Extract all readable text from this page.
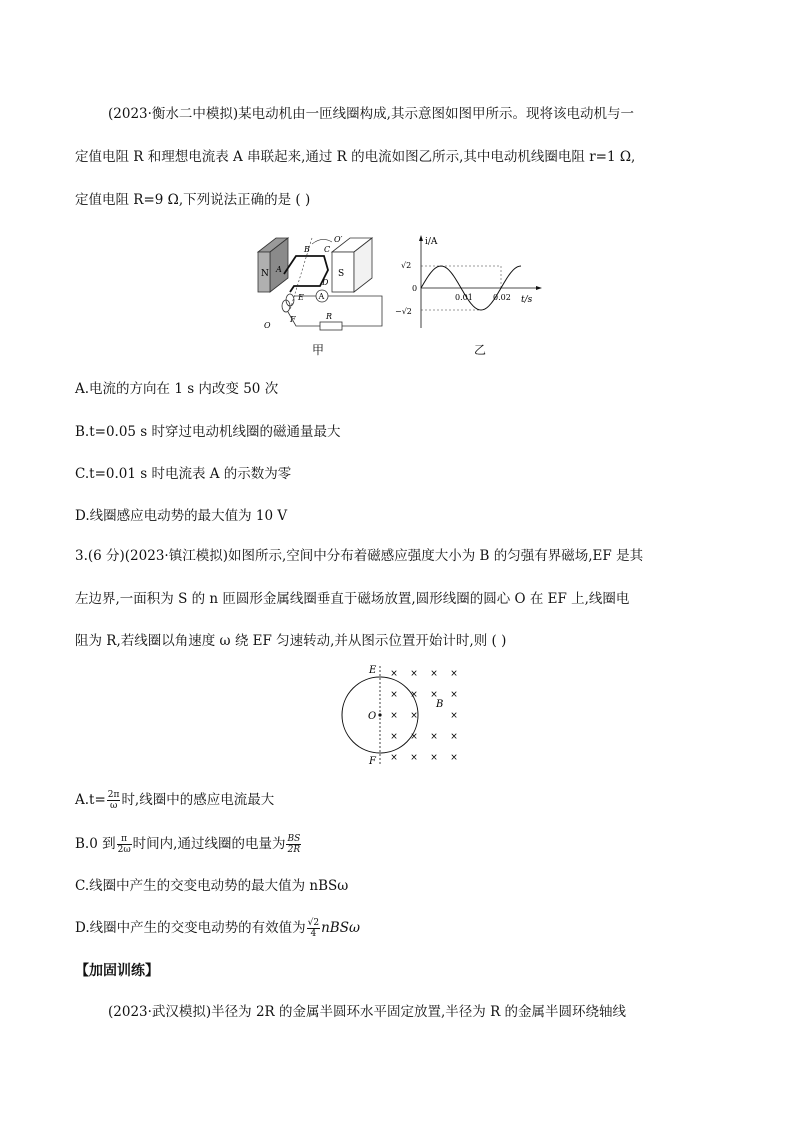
(2023·衡水二中模拟)某电动机由一匝线圈构成,其示意图如图甲所示。现将该电动机与一
定值电阻 R 和理想电流表 A 串联起来,通过 R 的电流如图乙所示,其中电动机线圈电阻 r=1 Ω,
定值电阻 R=9 Ω,下列说法正确的是 ( )
N	S
O′
A
B C
D
E
F
O
A
R
甲
i/A
t/s
√2
−√2
0
0.01	0.02
乙
A.电流的方向在 1 s 内改变 50 次
B.t=0.05 s 时穿过电动机线圈的磁通量最大
C.t=0.01 s 时电流表 A 的示数为零
D.线圈感应电动势的最大值为 10 V
3.(6 分)(2023·镇江模拟)如图所示,空间中分布着磁感应强度大小为 B 的匀强有界磁场,EF 是其
左边界,一面积为 S 的 n 匝圆形金属线圈垂直于磁场放置,圆形线圈的圆心 O 在 EF 上,线圈电
阻为 R,若线圈以角速度 ω 绕 EF 匀速转动,并从图示位置开始计时,则 ( )
E
F
O
B
× × × ×
× × × ×
× ×	×
× × × ×
× × × ×
$A.t= \frac{2\pi}{\omega}$ 时,线圈中的感应电流最大
B.0 到 $\frac{\pi}{2\omega}$ 时间内,通过线圈的电量为 $\frac{BS}{2R}$
C.线圈中产生的交变电动势的最大值为 nBSω
D.线圈中产生的交变电动势的有效值为 $\frac{√2}{4}$ nBSω
【加固训练】
(2023·武汉模拟)半径为 2R 的金属半圆环水平固定放置,半径为 R 的金属半圆环绕轴线
